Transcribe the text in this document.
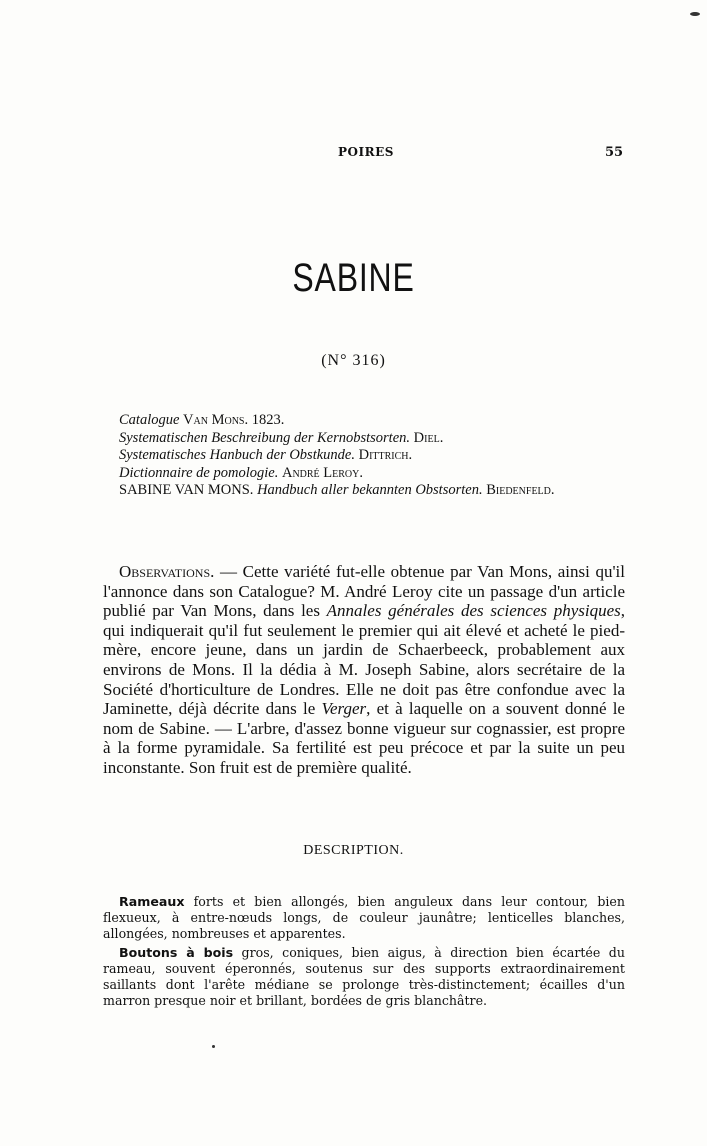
POIRES	55
SABINE
(N° 316)
Catalogue Van Mons. 1823.
Systematischen Beschreibung der Kernobstsorten. Diel.
Systematisches Hanbuch der Obstkunde. Dittrich.
Dictionnaire de pomologie. André Leroy.
SABINE VAN MONS. Handbuch aller bekannten Obstsorten. Biedenfeld.
Observations. — Cette variété fut-elle obtenue par Van Mons, ainsi qu'il l'annonce dans son Catalogue? M. André Leroy cite un passage d'un article publié par Van Mons, dans les Annales générales des sciences physiques, qui indiquerait qu'il fut seulement le premier qui ait élevé et acheté le pied-mère, encore jeune, dans un jardin de Schaerbeeck, probablement aux environs de Mons. Il la dédia à M. Joseph Sabine, alors secrétaire de la Société d'horticulture de Londres. Elle ne doit pas être confondue avec la Jaminette, déjà décrite dans le Verger, et à laquelle on a souvent donné le nom de Sabine. — L'arbre, d'assez bonne vigueur sur cognassier, est propre à la forme pyramidale. Sa fertilité est peu précoce et par la suite un peu inconstante. Son fruit est de première qualité.
DESCRIPTION.

Rameaux forts et bien allongés, bien anguleux dans leur contour, bien flexueux, à entre-nœuds longs, de couleur jaunâtre; lenticelles blanches, allongées, nombreuses et apparentes.

Boutons à bois gros, coniques, bien aigus, à direction bien écartée du rameau, souvent éperonnés, soutenus sur des supports extraordinairement saillants dont l'arête médiane se prolonge très-distinctement; écailles d'un marron presque noir et brillant, bordées de gris blanchâtre.
